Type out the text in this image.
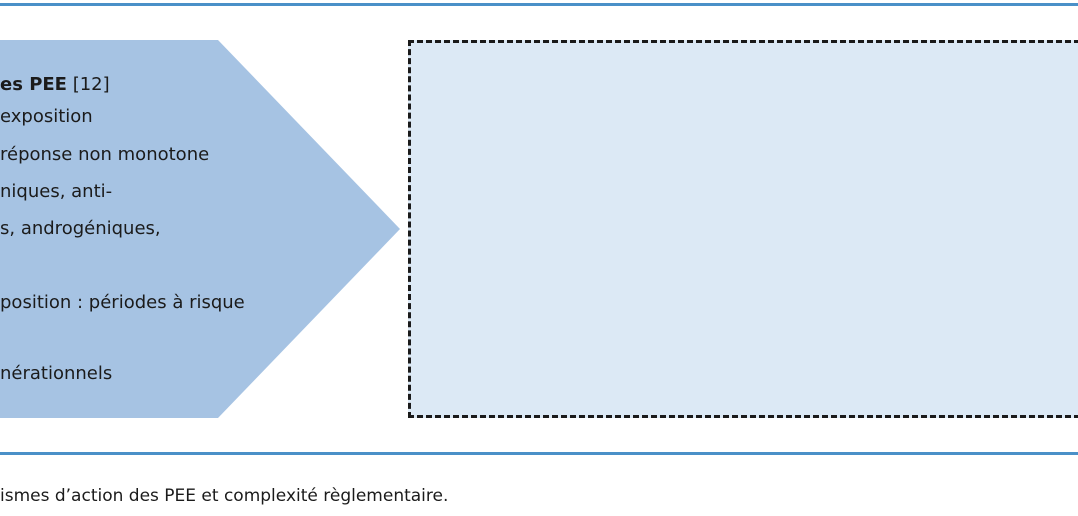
es PEE [12]
exposition
réponse non monotone
niques, anti-
s, androgéniques,
position : périodes à risque
nérationnels
ismes d’action des PEE et complexité règlementaire.
